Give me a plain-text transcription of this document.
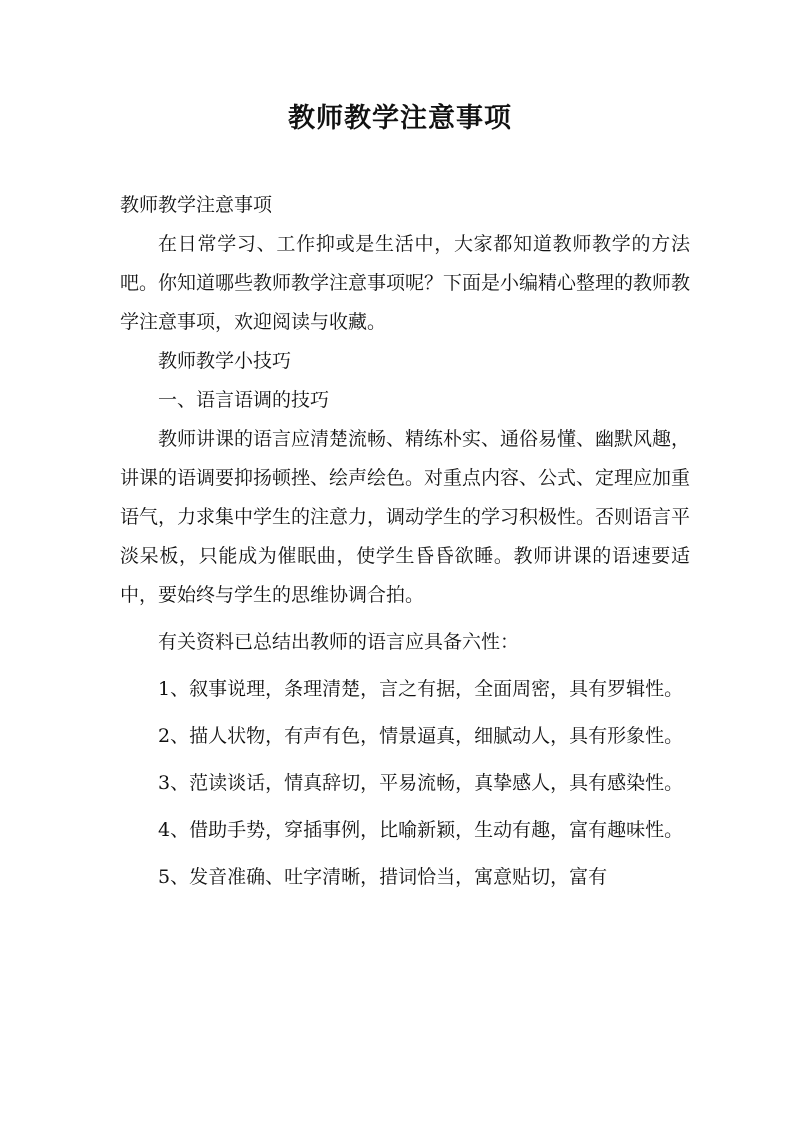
教师教学注意事项

教师教学注意事项

在日常学习、工作抑或是生活中，大家都知道教师教学的方法吧。你知道哪些教师教学注意事项呢？下面是小编精心整理的教师教学注意事项，欢迎阅读与收藏。

教师教学小技巧

一、语言语调的技巧

教师讲课的语言应清楚流畅、精练朴实、通俗易懂、幽默风趣，讲课的语调要抑扬顿挫、绘声绘色。对重点内容、公式、定理应加重语气，力求集中学生的注意力，调动学生的学习积极性。否则语言平淡呆板，只能成为催眠曲，使学生昏昏欲睡。教师讲课的语速要适中，要始终与学生的思维协调合拍。

有关资料已总结出教师的语言应具备六性：

1、叙事说理，条理清楚，言之有据，全面周密，具有罗辑性。

2、描人状物，有声有色，情景逼真，细腻动人，具有形象性。

3、范读谈话，情真辞切，平易流畅，真挚感人，具有感染性。

4、借助手势，穿插事例，比喻新颖，生动有趣，富有趣味性。

5、发音准确、吐字清晰，措词恰当，寓意贴切，富有
